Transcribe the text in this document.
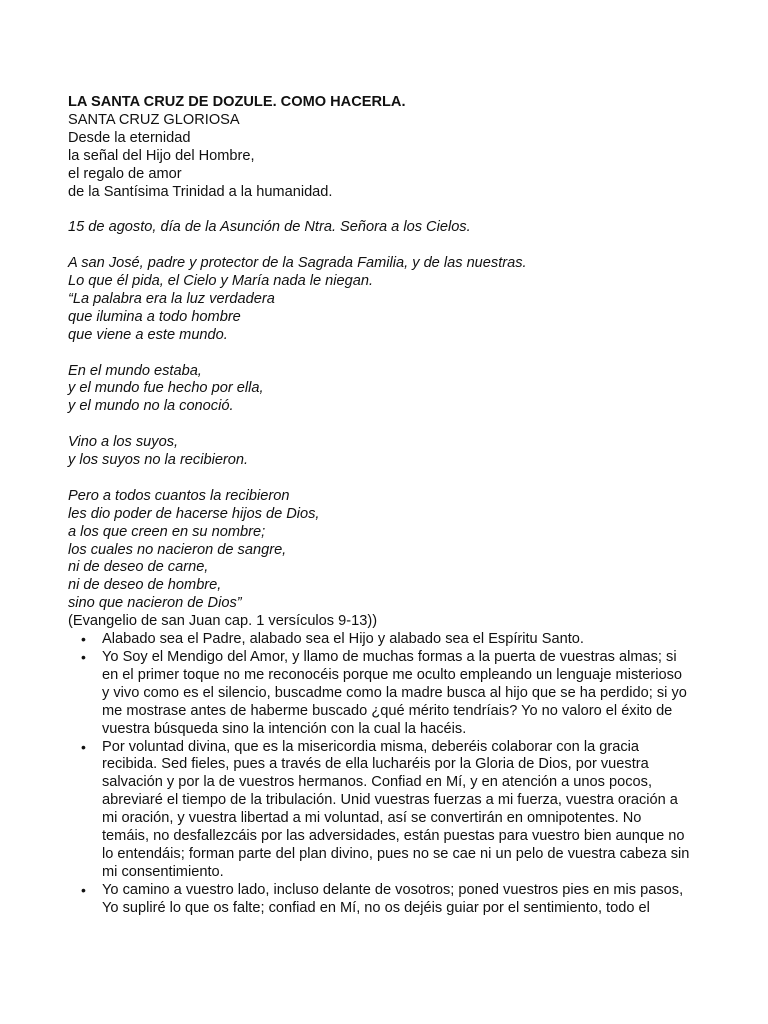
LA SANTA CRUZ DE DOZULE. COMO HACERLA.
SANTA CRUZ GLORIOSA
Desde la eternidad
la señal del Hijo del Hombre,
el regalo de amor
de la Santísima Trinidad a la humanidad.
15 de agosto, día de la Asunción de Ntra. Señora a los Cielos.
A san José, padre y protector de la Sagrada Familia, y de las nuestras.
Lo que él pida, el Cielo y María nada le niegan.
“La palabra era la luz verdadera
que ilumina a todo hombre
que viene a este mundo.
En el mundo estaba,
y el mundo fue hecho por ella,
y el mundo no la conoció.
Vino a los suyos,
y los suyos no la recibieron.
Pero a todos cuantos la recibieron
les dio poder de hacerse hijos de Dios,
a los que creen en su nombre;
los cuales no nacieron de sangre,
ni de deseo de carne,
ni de deseo de hombre,
sino que nacieron de Dios”
(Evangelio de san Juan cap. 1 versículos 9-13))
• Alabado sea el Padre, alabado sea el Hijo y alabado sea el Espíritu Santo.
• Yo Soy el Mendigo del Amor, y llamo de muchas formas a la puerta de vuestras almas; si
en el primer toque no me reconocéis porque me oculto empleando un lenguaje misterioso
y vivo como es el silencio, buscadme como la madre busca al hijo que se ha perdido; si yo
me mostrase antes de haberme buscado ¿qué mérito tendríais? Yo no valoro el éxito de
vuestra búsqueda sino la intención con la cual la hacéis.
• Por voluntad divina, que es la misericordia misma, deberéis colaborar con la gracia
recibida. Sed fieles, pues a través de ella lucharéis por la Gloria de Dios, por vuestra
salvación y por la de vuestros hermanos. Confiad en Mí, y en atención a unos pocos,
abreviaré el tiempo de la tribulación. Unid vuestras fuerzas a mi fuerza, vuestra oración a
mi oración, y vuestra libertad a mi voluntad, así se convertirán en omnipotentes. No
temáis, no desfallezcáis por las adversidades, están puestas para vuestro bien aunque no
lo entendáis; forman parte del plan divino, pues no se cae ni un pelo de vuestra cabeza sin
mi consentimiento.
• Yo camino a vuestro lado, incluso delante de vosotros; poned vuestros pies en mis pasos,
Yo supliré lo que os falte; confiad en Mí, no os dejéis guiar por el sentimiento, todo el
